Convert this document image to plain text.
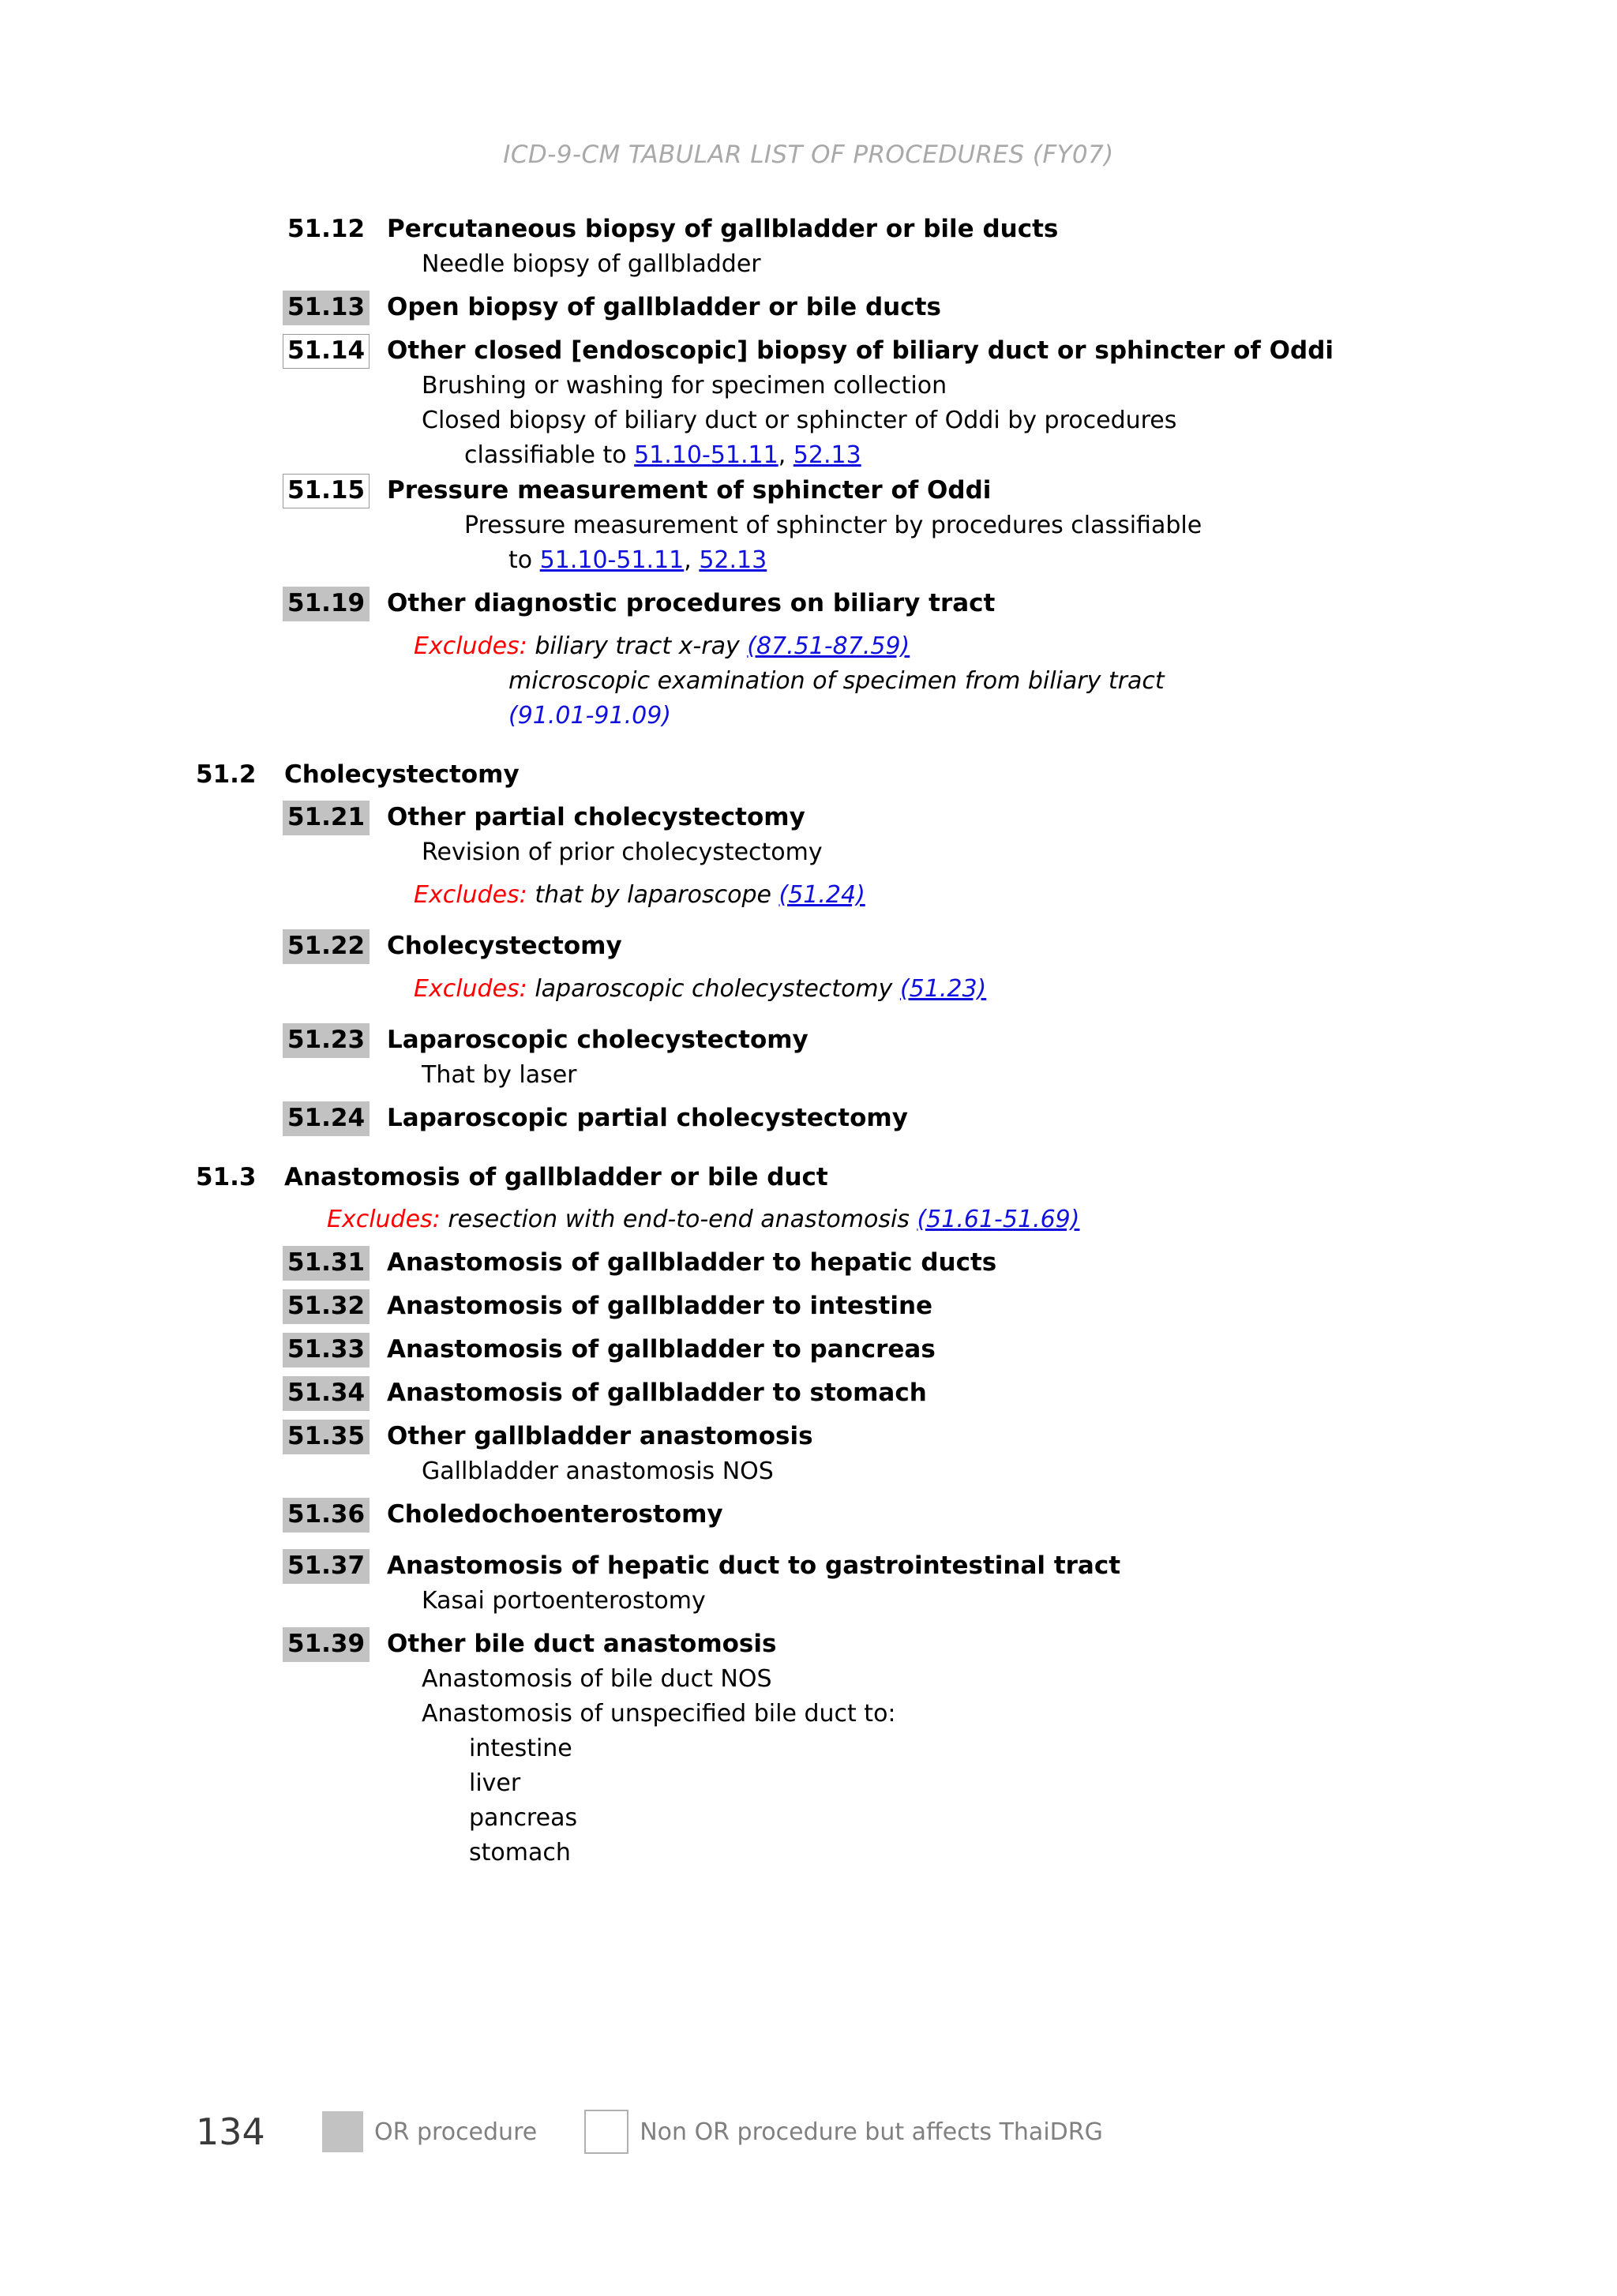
ICD-9-CM TABULAR LIST OF PROCEDURES (FY07)
51.12 Percutaneous biopsy of gallbladder or bile ducts
Needle biopsy of gallbladder
51.13 Open biopsy of gallbladder or bile ducts
51.14 Other closed [endoscopic] biopsy of biliary duct or sphincter of Oddi
Brushing or washing for specimen collection
Closed biopsy of biliary duct or sphincter of Oddi by procedures
classifiable to 51.10-51.11, 52.13
51.15 Pressure measurement of sphincter of Oddi
Pressure measurement of sphincter by procedures classifiable
to 51.10-51.11, 52.13
51.19 Other diagnostic procedures on biliary tract
Excludes: biliary tract x-ray (87.51-87.59)
microscopic examination of specimen from biliary tract
(91.01-91.09)
51.2	Cholecystectomy
51.21 Other partial cholecystectomy
Revision of prior cholecystectomy
Excludes: that by laparoscope (51.24)
51.22 Cholecystectomy
Excludes: laparoscopic cholecystectomy (51.23)
51.23 Laparoscopic cholecystectomy
That by laser
51.24 Laparoscopic partial cholecystectomy
51.3	Anastomosis of gallbladder or bile duct
Excludes: resection with end-to-end anastomosis (51.61-51.69)
51.31 Anastomosis of gallbladder to hepatic ducts
51.32 Anastomosis of gallbladder to intestine
51.33 Anastomosis of gallbladder to pancreas
51.34 Anastomosis of gallbladder to stomach
51.35 Other gallbladder anastomosis
Gallbladder anastomosis NOS
51.36 Choledochoenterostomy
51.37 Anastomosis of hepatic duct to gastrointestinal tract
Kasai portoenterostomy
51.39 Other bile duct anastomosis
Anastomosis of bile duct NOS
Anastomosis of unspecified bile duct to:
intestine
liver
pancreas
stomach
134	OR procedure	Non OR procedure but affects ThaiDRG
